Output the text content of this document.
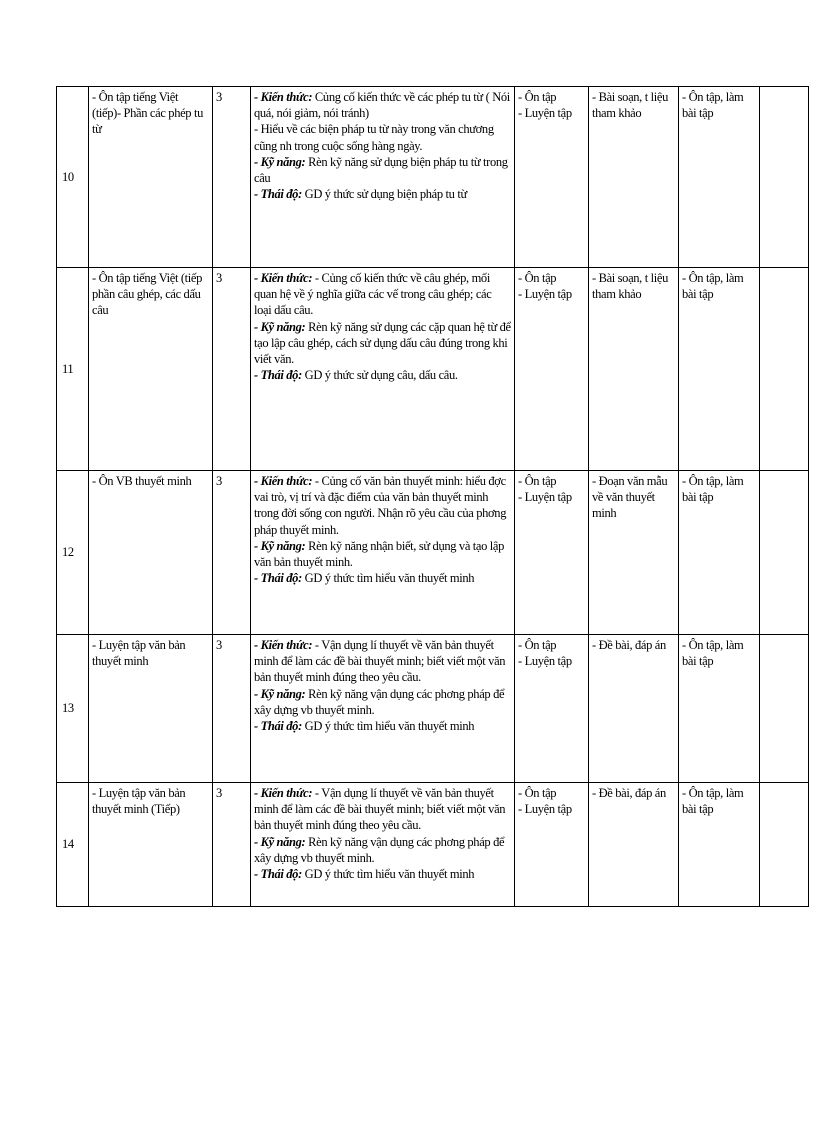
10	- Ôn tập tiếng Việt (tiếp)- Phần các phép tu từ	3	- Kiến thức: Củng cố kiến thức về các phép tu từ ( Nói quá, nói giảm, nói tránh)
- Hiểu về các biện pháp tu từ này trong văn chương cũng nh trong cuộc sống hàng ngày.
- Kỹ năng: Rèn kỹ năng sử dụng biện pháp tu từ trong câu
- Thái độ: GD ý thức sử dụng biện pháp tu từ	- Ôn tập
- Luyện tập	- Bài soạn, t liệu tham khảo	- Ôn tập, làm bài tập	
11	- Ôn tập tiếng Việt (tiếp phần câu ghép, các dấu câu	3	- Kiến thức: - Củng cố kiến thức về câu ghép, mối quan hệ về ý nghĩa giữa các vế trong câu ghép; các loại dấu câu.
- Kỹ năng: Rèn kỹ năng sử dụng các cặp quan hệ từ để tạo lập câu ghép, cách sử dụng dấu câu đúng trong khi viết văn.
- Thái độ: GD ý thức sử dụng câu, dấu câu.	- Ôn tập
- Luyện tập	- Bài soạn, t liệu tham khảo	- Ôn tập, làm bài tập	
12	- Ôn VB thuyết minh	3	- Kiến thức: - Củng cố văn bản thuyết minh: hiểu đợc vai trò, vị trí và đặc điểm của văn bản thuyết minh trong đời sống con người. Nhận rõ yêu cầu của phơng pháp thuyết minh.
- Kỹ năng: Rèn kỹ năng nhận biết, sử dụng và tạo lập văn bản thuyết minh.
- Thái độ: GD ý thức tìm hiểu văn thuyết minh	- Ôn tập
- Luyện tập	- Đoạn văn mẫu về văn thuyết minh	- Ôn tập, làm bài tập	
13	- Luyện tập văn bản thuyết minh	3	- Kiến thức: - Vận dụng lí thuyết về văn bản thuyết minh để làm các đề bài thuyết minh; biết viết một văn bản thuyết minh đúng theo yêu cầu.
- Kỹ năng: Rèn kỹ năng vận dụng các phơng pháp để xây dựng vb thuyết minh.
- Thái độ: GD ý thức tìm hiểu văn thuyết minh	- Ôn tập
- Luyện tập	- Đề bài, đáp án	- Ôn tập, làm bài tập	
14	- Luyện tập văn bản thuyết minh (Tiếp)	3	- Kiến thức: - Vận dụng lí thuyết về văn bản thuyết minh để làm các đề bài thuyết minh; biết viết một văn bản thuyết minh đúng theo yêu cầu.
- Kỹ năng: Rèn kỹ năng vận dụng các phơng pháp để xây dựng vb thuyết minh.
- Thái độ: GD ý thức tìm hiểu văn thuyết minh	- Ôn tập
- Luyện tập	- Đề bài, đáp án	- Ôn tập, làm bài tập	
